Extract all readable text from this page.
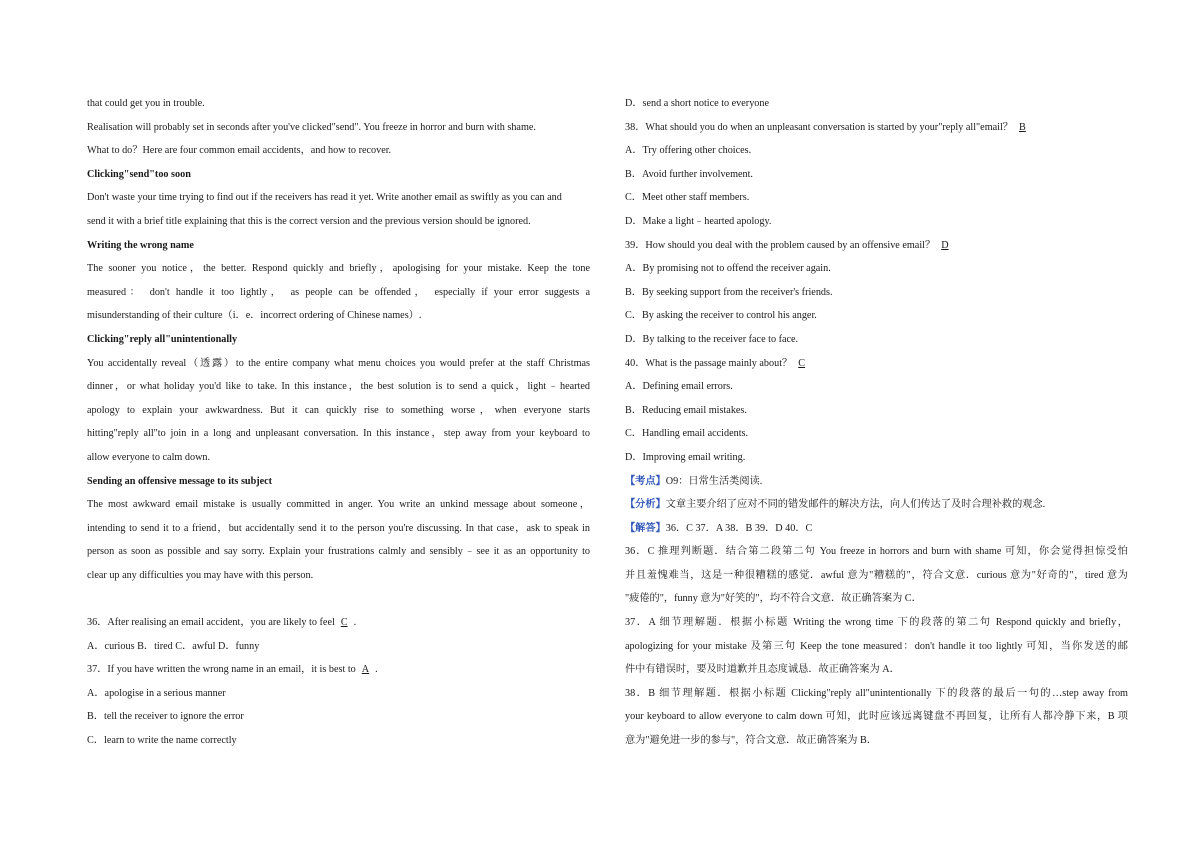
that could get you in trouble.
Realisation will probably set in seconds after you've clicked"send". You freeze in horror and burn with shame.
What to do？Here are four common email accidents，and how to recover.
Clicking"send"too soon
Don't waste your time trying to find out if the receivers has read it yet. Write another email as swiftly as you can and
send it with a brief title explaining that this is the correct version and the previous version should be ignored.
Writing the wrong name
The sooner you notice，the better. Respond quickly and briefly，apologising for your mistake. Keep the tone
measured： don't handle it too lightly， as people can be offended， especially if your error suggests a
misunderstanding of their culture（i．e．incorrect ordering of Chinese names）.
Clicking"reply all"unintentionally
You accidentally reveal（透露）to the entire company what menu choices you would prefer at the staff Christmas
dinner，or what holiday you'd like to take. In this instance，the best solution is to send a quick，light﹣hearted
apology to explain your awkwardness. But it can quickly rise to something worse，when everyone starts
hitting"reply all"to join in a long and unpleasant conversation. In this instance，step away from your keyboard to
allow everyone to calm down.
Sending an offensive message to its subject
The most awkward email mistake is usually committed in anger. You write an unkind message about someone，
intending to send it to a friend，but accidentally send it to the person you're discussing. In that case，ask to speak in
person as soon as possible and say sorry. Explain your frustrations calmly and sensibly﹣see it as an opportunity to
clear up any difficulties you may have with this person.
36．After realising an email accident，you are likely to feel C .
A．curious B．tired C．awful D．funny
37．If you have written the wrong name in an email，it is best to A .
A．apologise in a serious manner
B．tell the receiver to ignore the error
C．learn to write the name correctly
D．send a short notice to everyone
38．What should you do when an unpleasant conversation is started by your"reply all"email？ B
A．Try offering other choices.
B．Avoid further involvement.
C．Meet other staff members.
D．Make a light﹣hearted apology.
39．How should you deal with the problem caused by an offensive email？ D
A．By promising not to offend the receiver again.
B．By seeking support from the receiver's friends.
C．By asking the receiver to control his anger.
D．By talking to the receiver face to face.
40．What is the passage mainly about？ C
A．Defining email errors.
B．Reducing email mistakes.
C．Handling email accidents.
D．Improving email writing.
【考点】O9：日常生活类阅读.
【分析】文章主要介绍了应对不同的错发邮件的解决方法，向人们传达了及时合理补救的观念.
【解答】36．C 37．A 38．B 39．D 40．C
36．C 推理判断题．结合第二段第二句 You freeze in horrors and burn with shame 可知，你会觉得担惊受怕
并且羞愧难当，这是一种很糟糕的感觉．awful 意为"糟糕的"，符合文意．curious 意为"好奇的"，tired 意为
"疲倦的"，funny 意为"好笑的"，均不符合文意．故正确答案为 C．
37．A 细节理解题．根据小标题 Writing the wrong time 下的段落的第二句 Respond quickly and briefly，
apologizing for your mistake 及第三句 Keep the tone measured：don't handle it too lightly 可知，当你发送的邮
件中有错误时，要及时道歉并且态度诚恳．故正确答案为 A．
38．B 细节理解题．根据小标题 Clicking"reply all"unintentionally 下的段落的最后一句的…step away from
your keyboard to allow everyone to calm down 可知，此时应该远离键盘不再回复，让所有人都冷静下来，B 项
意为"避免进一步的参与"，符合文意．故正确答案为 B．
